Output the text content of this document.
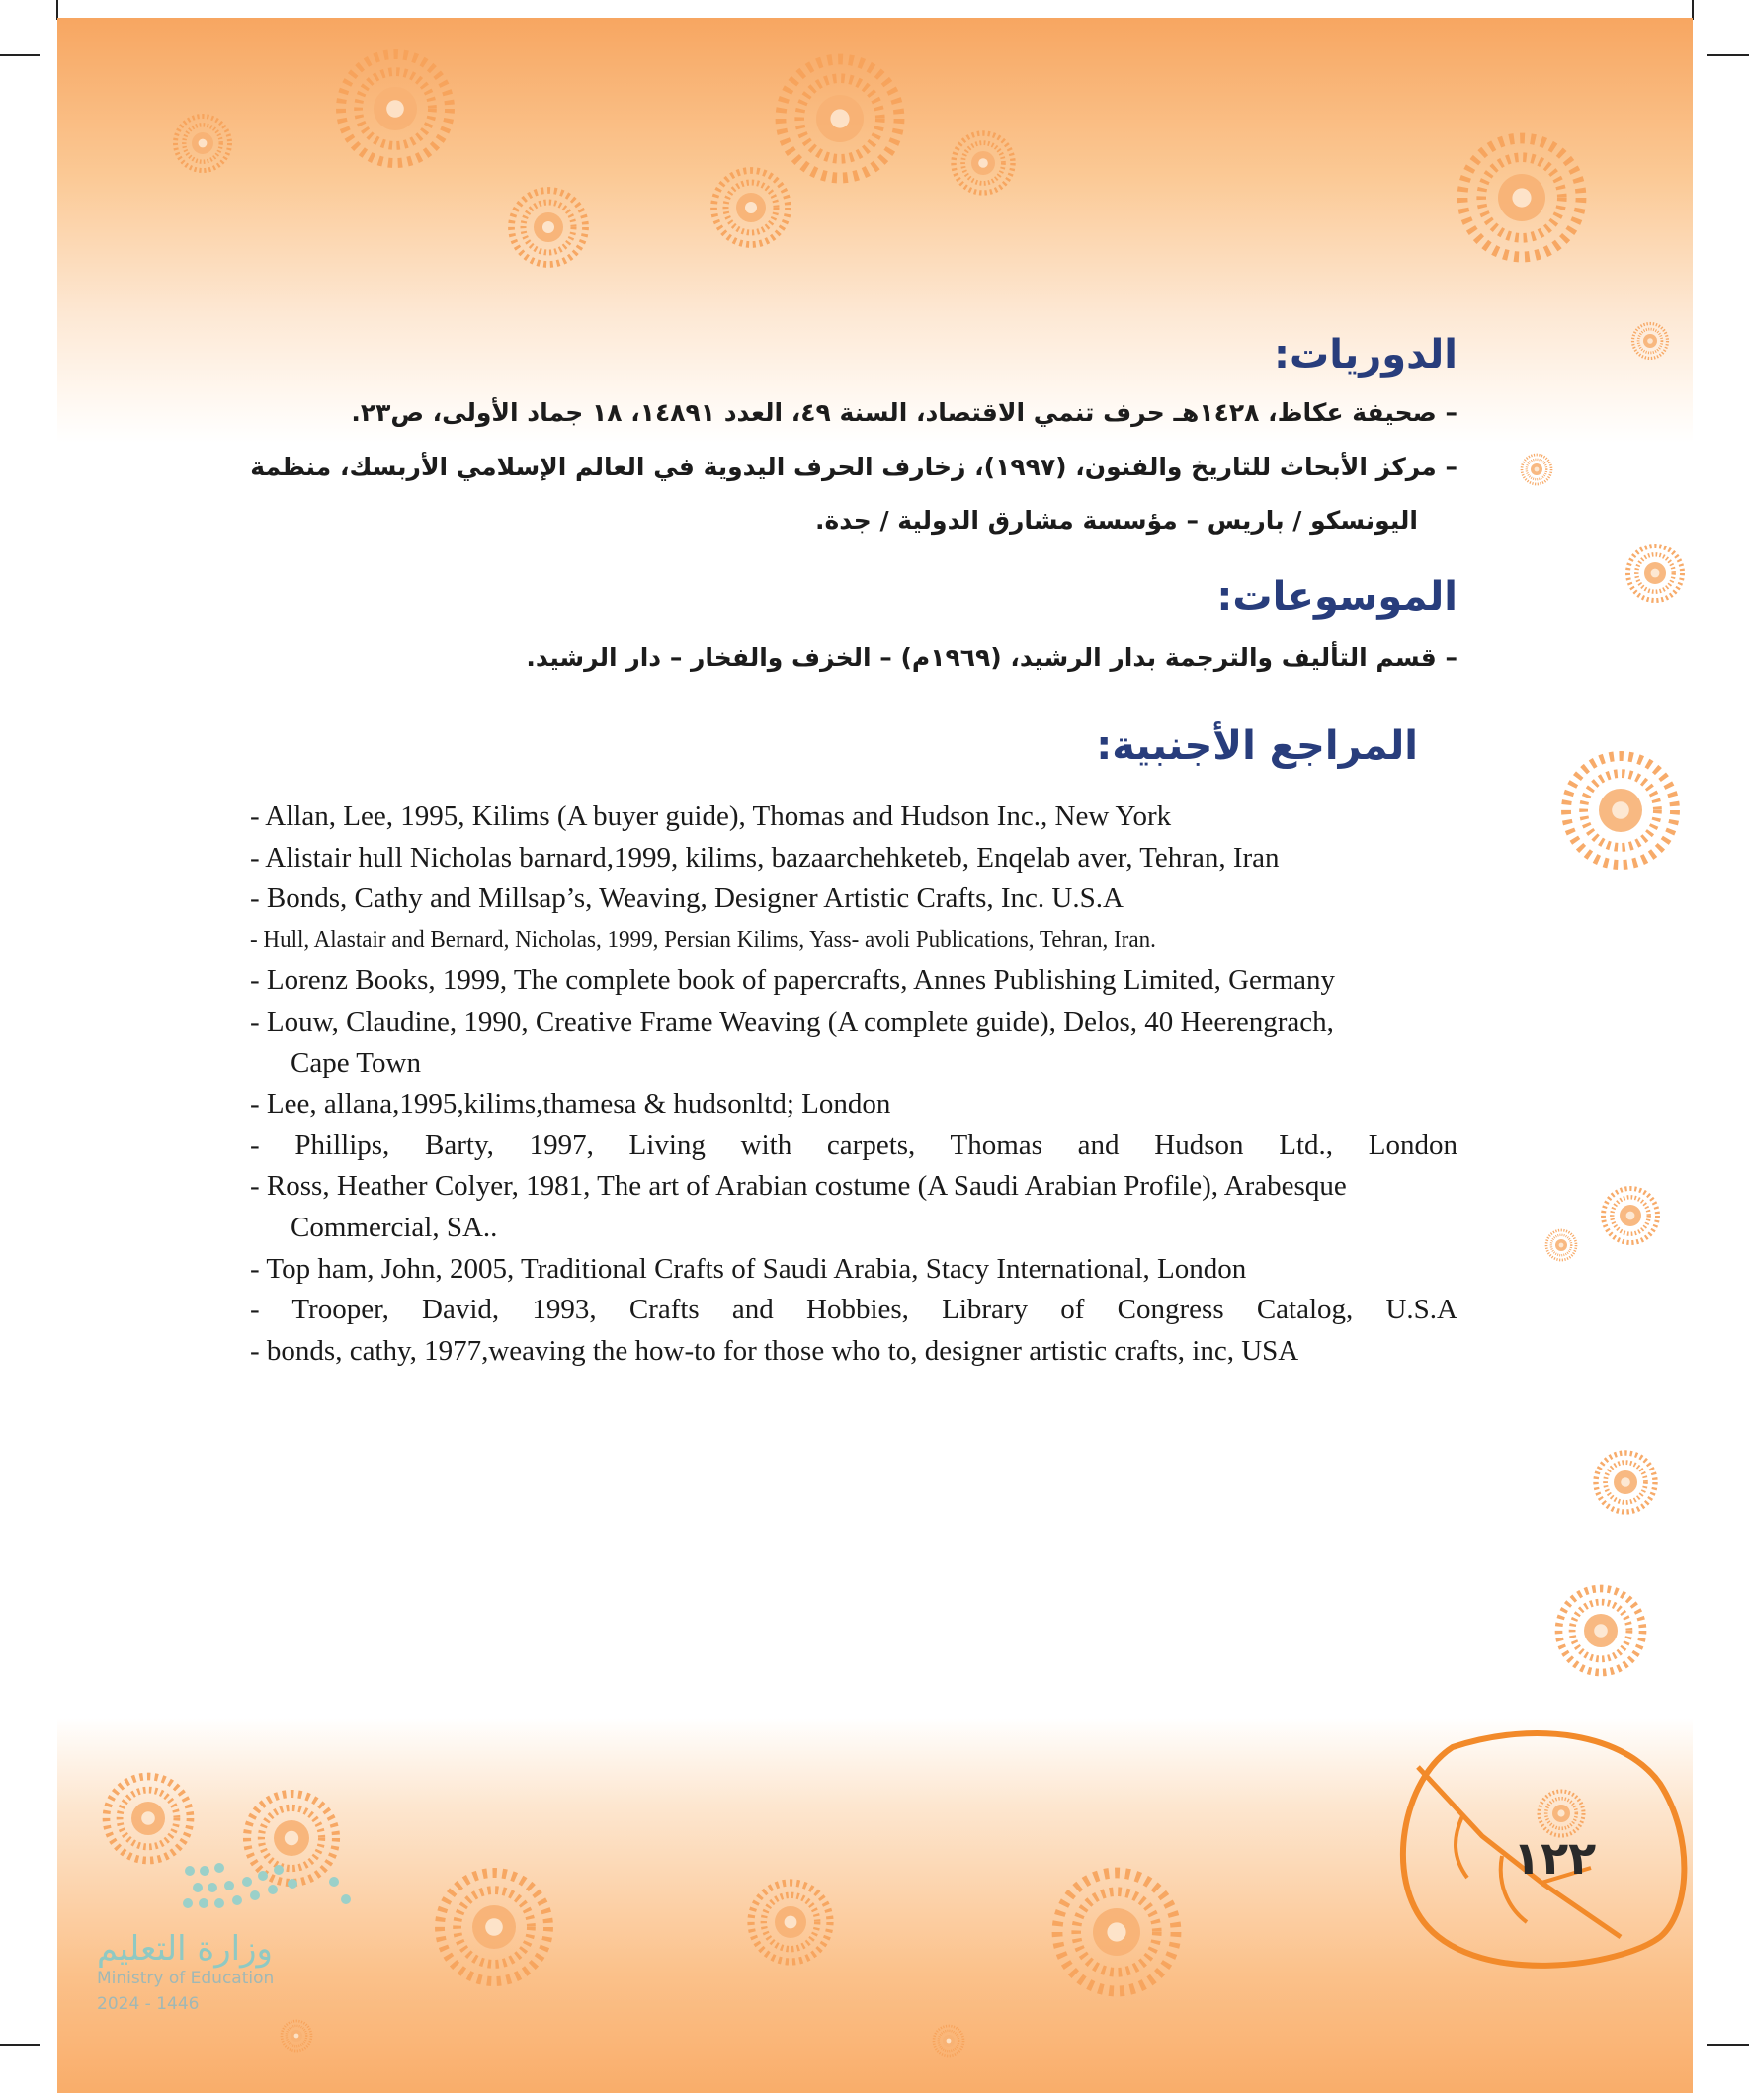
الدوريات:
– صحيفة عكاظ، ١٤٢٨هـ حرف تنمي الاقتصاد، السنة ٤٩، العدد ١٤٨٩١، ١٨ جماد الأولى، ص٢٣.
– مركز الأبحاث للتاريخ والفنون، (١٩٩٧)، زخارف الحرف اليدوية في العالم الإسلامي الأربسك، منظمة
اليونسكو / باريس – مؤسسة مشارق الدولية / جدة.
الموسوعات:
– قسم التأليف والترجمة بدار الرشيد، (١٩٦٩م) – الخزف والفخار – دار الرشيد.
المراجع الأجنبية:
- Allan, Lee, 1995, Kilims (A buyer guide), Thomas and Hudson Inc., New York
- Alistair hull Nicholas barnard,1999, kilims, bazaarchehketeb, Enqelab aver, Tehran, Iran
- Bonds, Cathy and Millsap’s, Weaving, Designer Artistic Crafts, Inc. U.S.A
- Hull, Alastair and Bernard, Nicholas, 1999, Persian Kilims, Yass- avoli Publications, Tehran, Iran.
- Lorenz Books, 1999, The complete book of papercrafts, Annes Publishing Limited, Germany
- Louw, Claudine, 1990, Creative Frame Weaving (A complete guide), Delos, 40 Heerengrach,
Cape Town
- Lee, allana,1995,kilims,thamesa & hudsonltd; London
- Phillips, Barty, 1997, Living with carpets, Thomas and Hudson Ltd., London
- Ross, Heather Colyer, 1981, The art of Arabian costume (A Saudi Arabian Profile), Arabesque
Commercial, SA..
- Top ham, John, 2005, Traditional Crafts of Saudi Arabia, Stacy International, London
- Trooper, David, 1993, Crafts and Hobbies, Library of Congress Catalog, U.S.A
- bonds, cathy, 1977,weaving the how-to for those who to, designer artistic crafts, inc, USA
١٢٢
وزارة التعليم
Ministry of Education
2024 - 1446
